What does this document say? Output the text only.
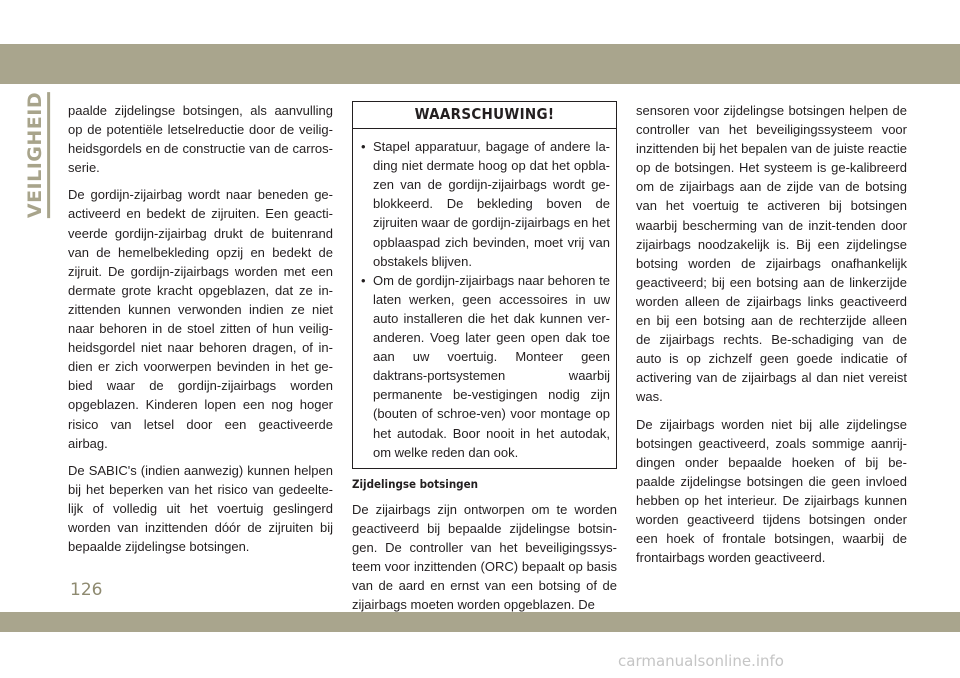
VEILIGHEID	paalde zijdelingse botsingen, als aanvulling op de potentiële letselreductie door de veilig-heidsgordels en de constructie van de carros-serie.

De gordijn-zijairbag wordt naar beneden ge-activeerd en bedekt de zijruiten. Een geacti-veerde gordijn-zijairbag drukt de buitenrand van de hemelbekleding opzij en bedekt de zijruit. De gordijn-zijairbags worden met een dermate grote kracht opgeblazen, dat ze in-zittenden kunnen verwonden indien ze niet naar behoren in de stoel zitten of hun veilig-heidsgordel niet naar behoren dragen, of in-dien er zich voorwerpen bevinden in het ge-bied waar de gordijn-zijairbags worden opgeblazen. Kinderen lopen een nog hoger risico van letsel door een geactiveerde airbag.

De SABIC's (indien aanwezig) kunnen helpen bij het beperken van het risico van gedeelte-lijk of volledig uit het voertuig geslingerd worden van inzittenden dóór de zijruiten bij bepaalde zijdelingse botsingen.

WAARSCHUWING!
• Stapel apparatuur, bagage of andere la-ding niet dermate hoog op dat het opbla-zen van de gordijn-zijairbags wordt ge-blokkeerd. De bekleding boven de zijruiten waar de gordijn-zijairbags en het opblaaspad zich bevinden, moet vrij van obstakels blijven.
• Om de gordijn-zijairbags naar behoren te laten werken, geen accessoires in uw auto installeren die het dak kunnen ver-anderen. Voeg later geen open dak toe aan uw voertuig. Monteer geen daktrans-portsystemen waarbij permanente be-vestigingen nodig zijn (bouten of schroe-ven) voor montage op het autodak. Boor nooit in het autodak, om welke reden dan ook.
Zijdelingse botsingen

De zijairbags zijn ontworpen om te worden geactiveerd bij bepaalde zijdelingse botsin-gen. De controller van het beveiligingssys-teem voor inzittenden (ORC) bepaalt op basis van de aard en ernst van een botsing of de zijairbags moeten worden opgeblazen. De

sensoren voor zijdelingse botsingen helpen de controller van het beveiligingssysteem voor inzittenden bij het bepalen van de juiste reactie op de botsingen. Het systeem is ge-kalibreerd om de zijairbags aan de zijde van de botsing van het voertuig te activeren bij botsingen waarbij bescherming van de inzit-tenden door zijairbags noodzakelijk is. Bij een zijdelingse botsing worden de zijairbags onafhankelijk geactiveerd; bij een botsing aan de linkerzijde worden alleen de zijairbags links geactiveerd en bij een botsing aan de rechterzijde alleen de zijairbags rechts. Be-schadiging van de auto is op zichzelf geen goede indicatie of activering van de zijairbags al dan niet vereist was.

De zijairbags worden niet bij alle zijdelingse botsingen geactiveerd, zoals sommige aanrij-dingen onder bepaalde hoeken of bij be-paalde zijdelingse botsingen die geen invloed hebben op het interieur. De zijairbags kunnen worden geactiveerd tijdens botsingen onder een hoek of frontale botsingen, waarbij de frontairbags worden geactiveerd.

126
carmanualsonline.info
